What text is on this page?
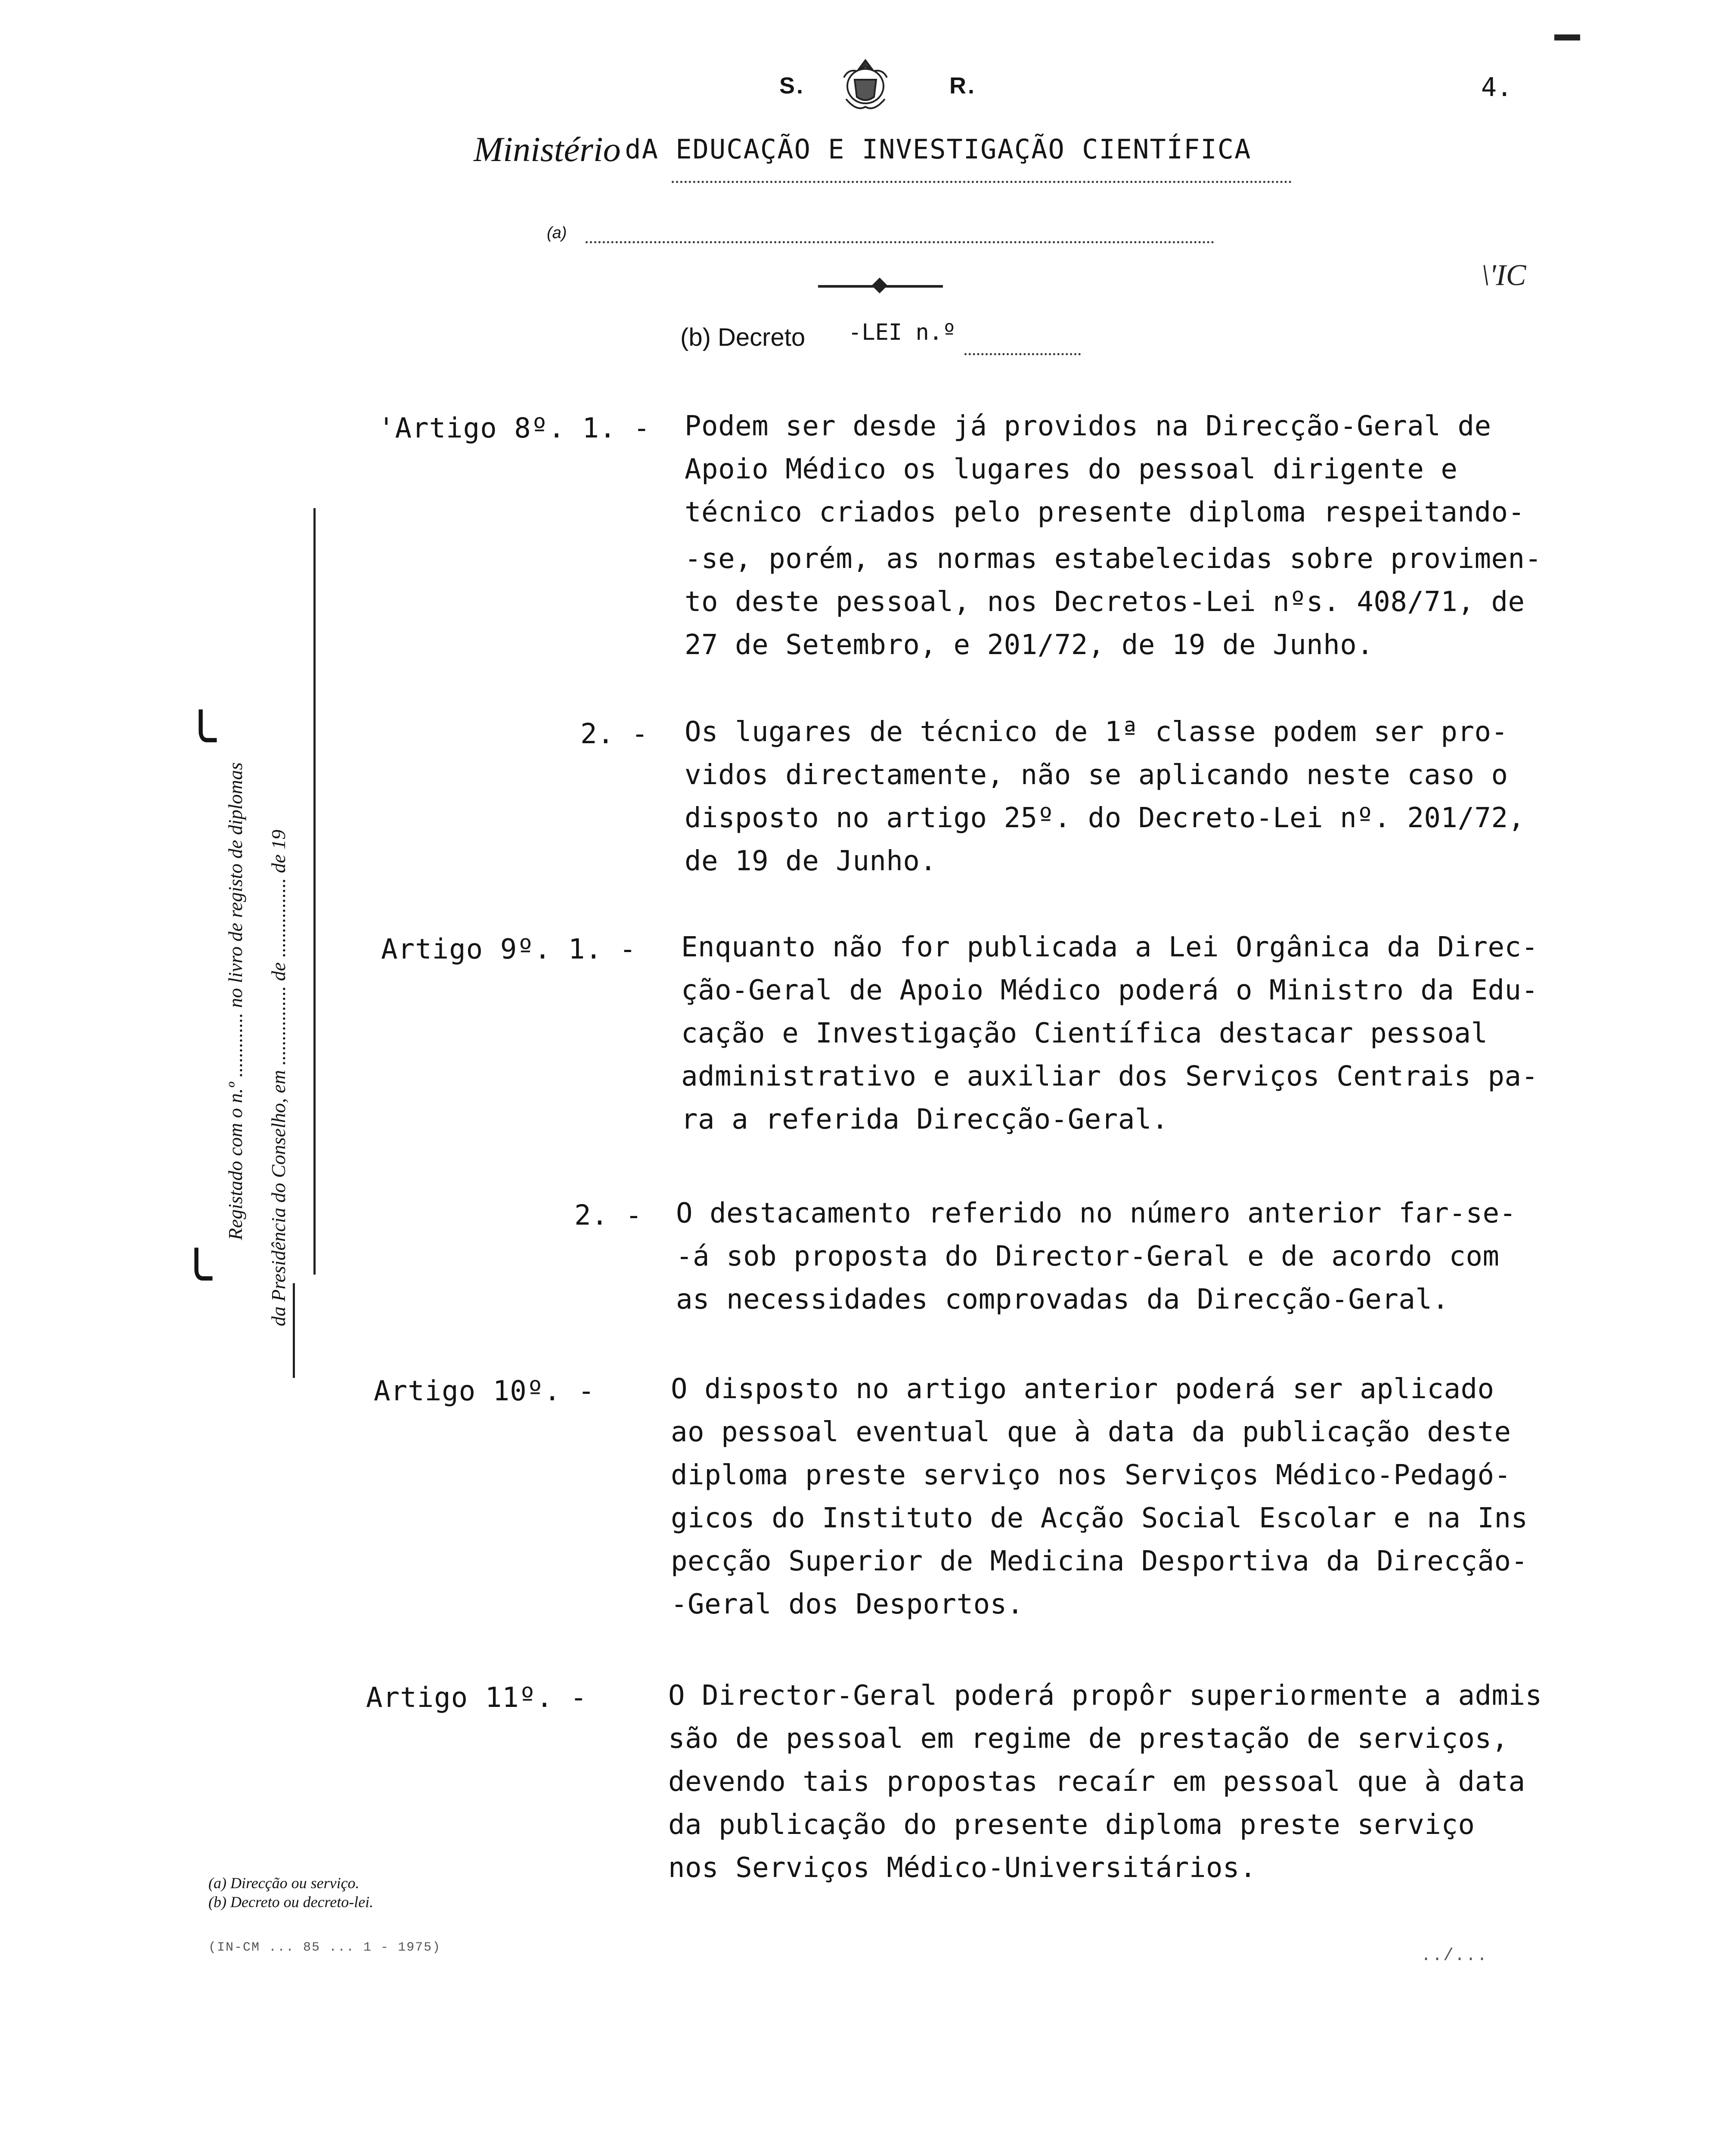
S.	R.	4.
Ministério dA EDUCAÇÃO E INVESTIGAÇÃO CIENTÍFICA
(a)
\'IC
(b) Decreto -LEI n.º
'Artigo 8º. 1. - Podem ser desde já providos na Direcção-Geral de
Apoio Médico os lugares do pessoal dirigente e
técnico criados pelo presente diploma respeitando-
-se, porém, as normas estabelecidas sobre provimen-
to deste pessoal, nos Decretos-Lei nºs. 408/71, de
27 de Setembro, e 201/72, de 19 de Junho.
2. - Os lugares de técnico de 1ª classe podem ser pro-
vidos directamente, não se aplicando neste caso o
disposto no artigo 25º. do Decreto-Lei nº. 201/72,
de 19 de Junho.
Artigo 9º. 1. - Enquanto não for publicada a Lei Orgânica da Direc-
ção-Geral de Apoio Médico poderá o Ministro da Edu-
cação e Investigação Científica destacar pessoal
administrativo e auxiliar dos Serviços Centrais pa-
ra a referida Direcção-Geral.
2. - O destacamento referido no número anterior far-se-
-á sob proposta do Director-Geral e de acordo com
as necessidades comprovadas da Direcção-Geral.
Artigo 10º. -	O disposto no artigo anterior poderá ser aplicado
ao pessoal eventual que à data da publicação deste
diploma preste serviço nos Serviços Médico-Pedagó-
gicos do Instituto de Acção Social Escolar e na Ins
pecção Superior de Medicina Desportiva da Direcção-
-Geral dos Desportos.
Artigo 11º. -	O Director-Geral poderá propôr superiormente a admis
são de pessoal em regime de prestação de serviços,
devendo tais propostas recaír em pessoal que à data
da publicação do presente diploma preste serviço
nos Serviços Médico-Universitários.
╰
╰
Registado com o n.º ............. no livro de registo de diplomas da Presidência do Conselho, em ................ de ................ de 19
(a) Direcção ou serviço.
(b) Decreto ou decreto-lei.
(IN-CM ... 85 ... 1 - 1975)	../...
